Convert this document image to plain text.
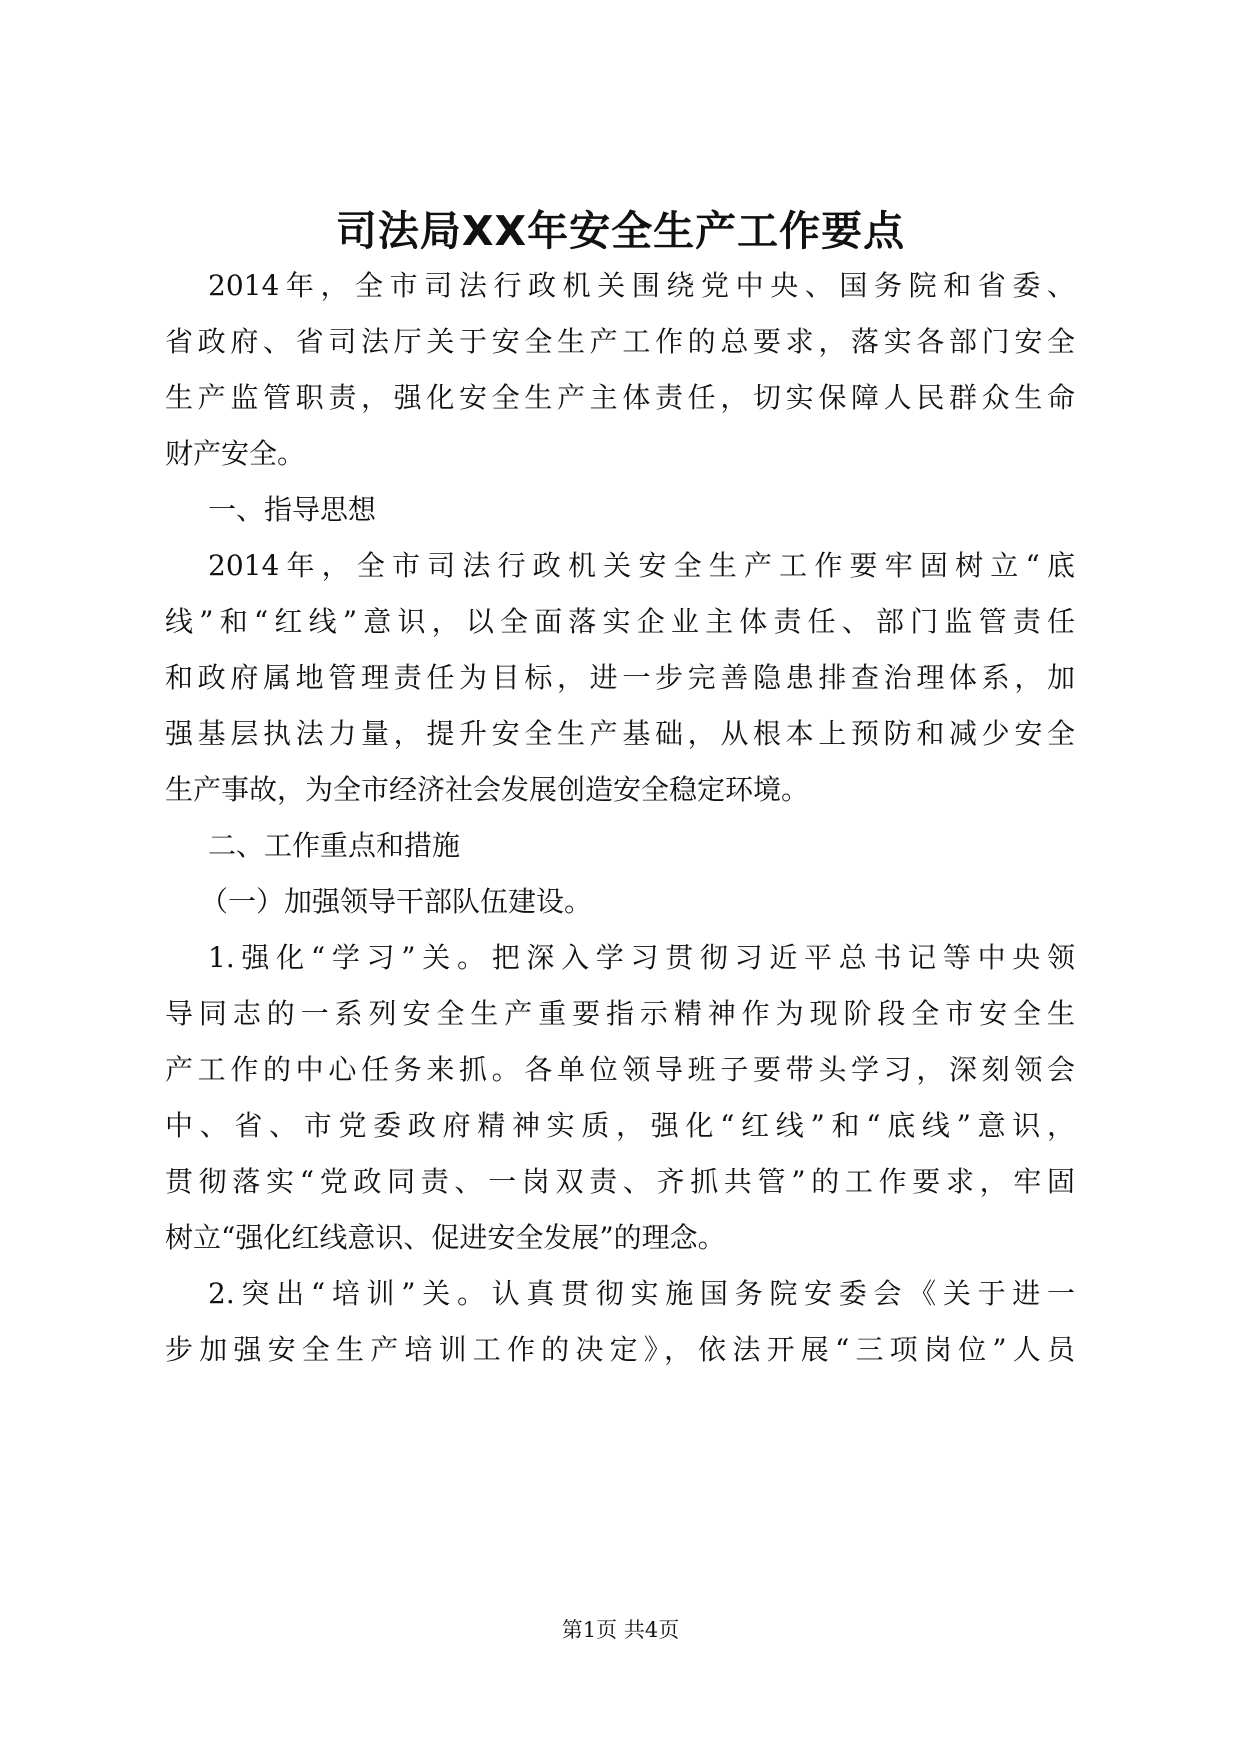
司法局XX年安全生产工作要点
2014年，全市司法行政机关围绕党中央、国务院和省委、
省政府、省司法厅关于安全生产工作的总要求，落实各部门安全
生产监管职责，强化安全生产主体责任，切实保障人民群众生命
财产安全。
一、指导思想
2014年，全市司法行政机关安全生产工作要牢固树立“底
线”和“红线”意识，以全面落实企业主体责任、部门监管责任
和政府属地管理责任为目标，进一步完善隐患排查治理体系，加
强基层执法力量，提升安全生产基础，从根本上预防和减少安全
生产事故，为全市经济社会发展创造安全稳定环境。
二、工作重点和措施
（一）加强领导干部队伍建设。
1.强化“学习”关。把深入学习贯彻习近平总书记等中央领
导同志的一系列安全生产重要指示精神作为现阶段全市安全生
产工作的中心任务来抓。各单位领导班子要带头学习，深刻领会
中、省、市党委政府精神实质，强化“红线”和“底线”意识，
贯彻落实“党政同责、一岗双责、齐抓共管”的工作要求，牢固
树立“强化红线意识、促进安全发展”的理念。
2.突出“培训”关。认真贯彻实施国务院安委会《关于进一
步加强安全生产培训工作的决定》，依法开展“三项岗位”人员
第1页 共4页
